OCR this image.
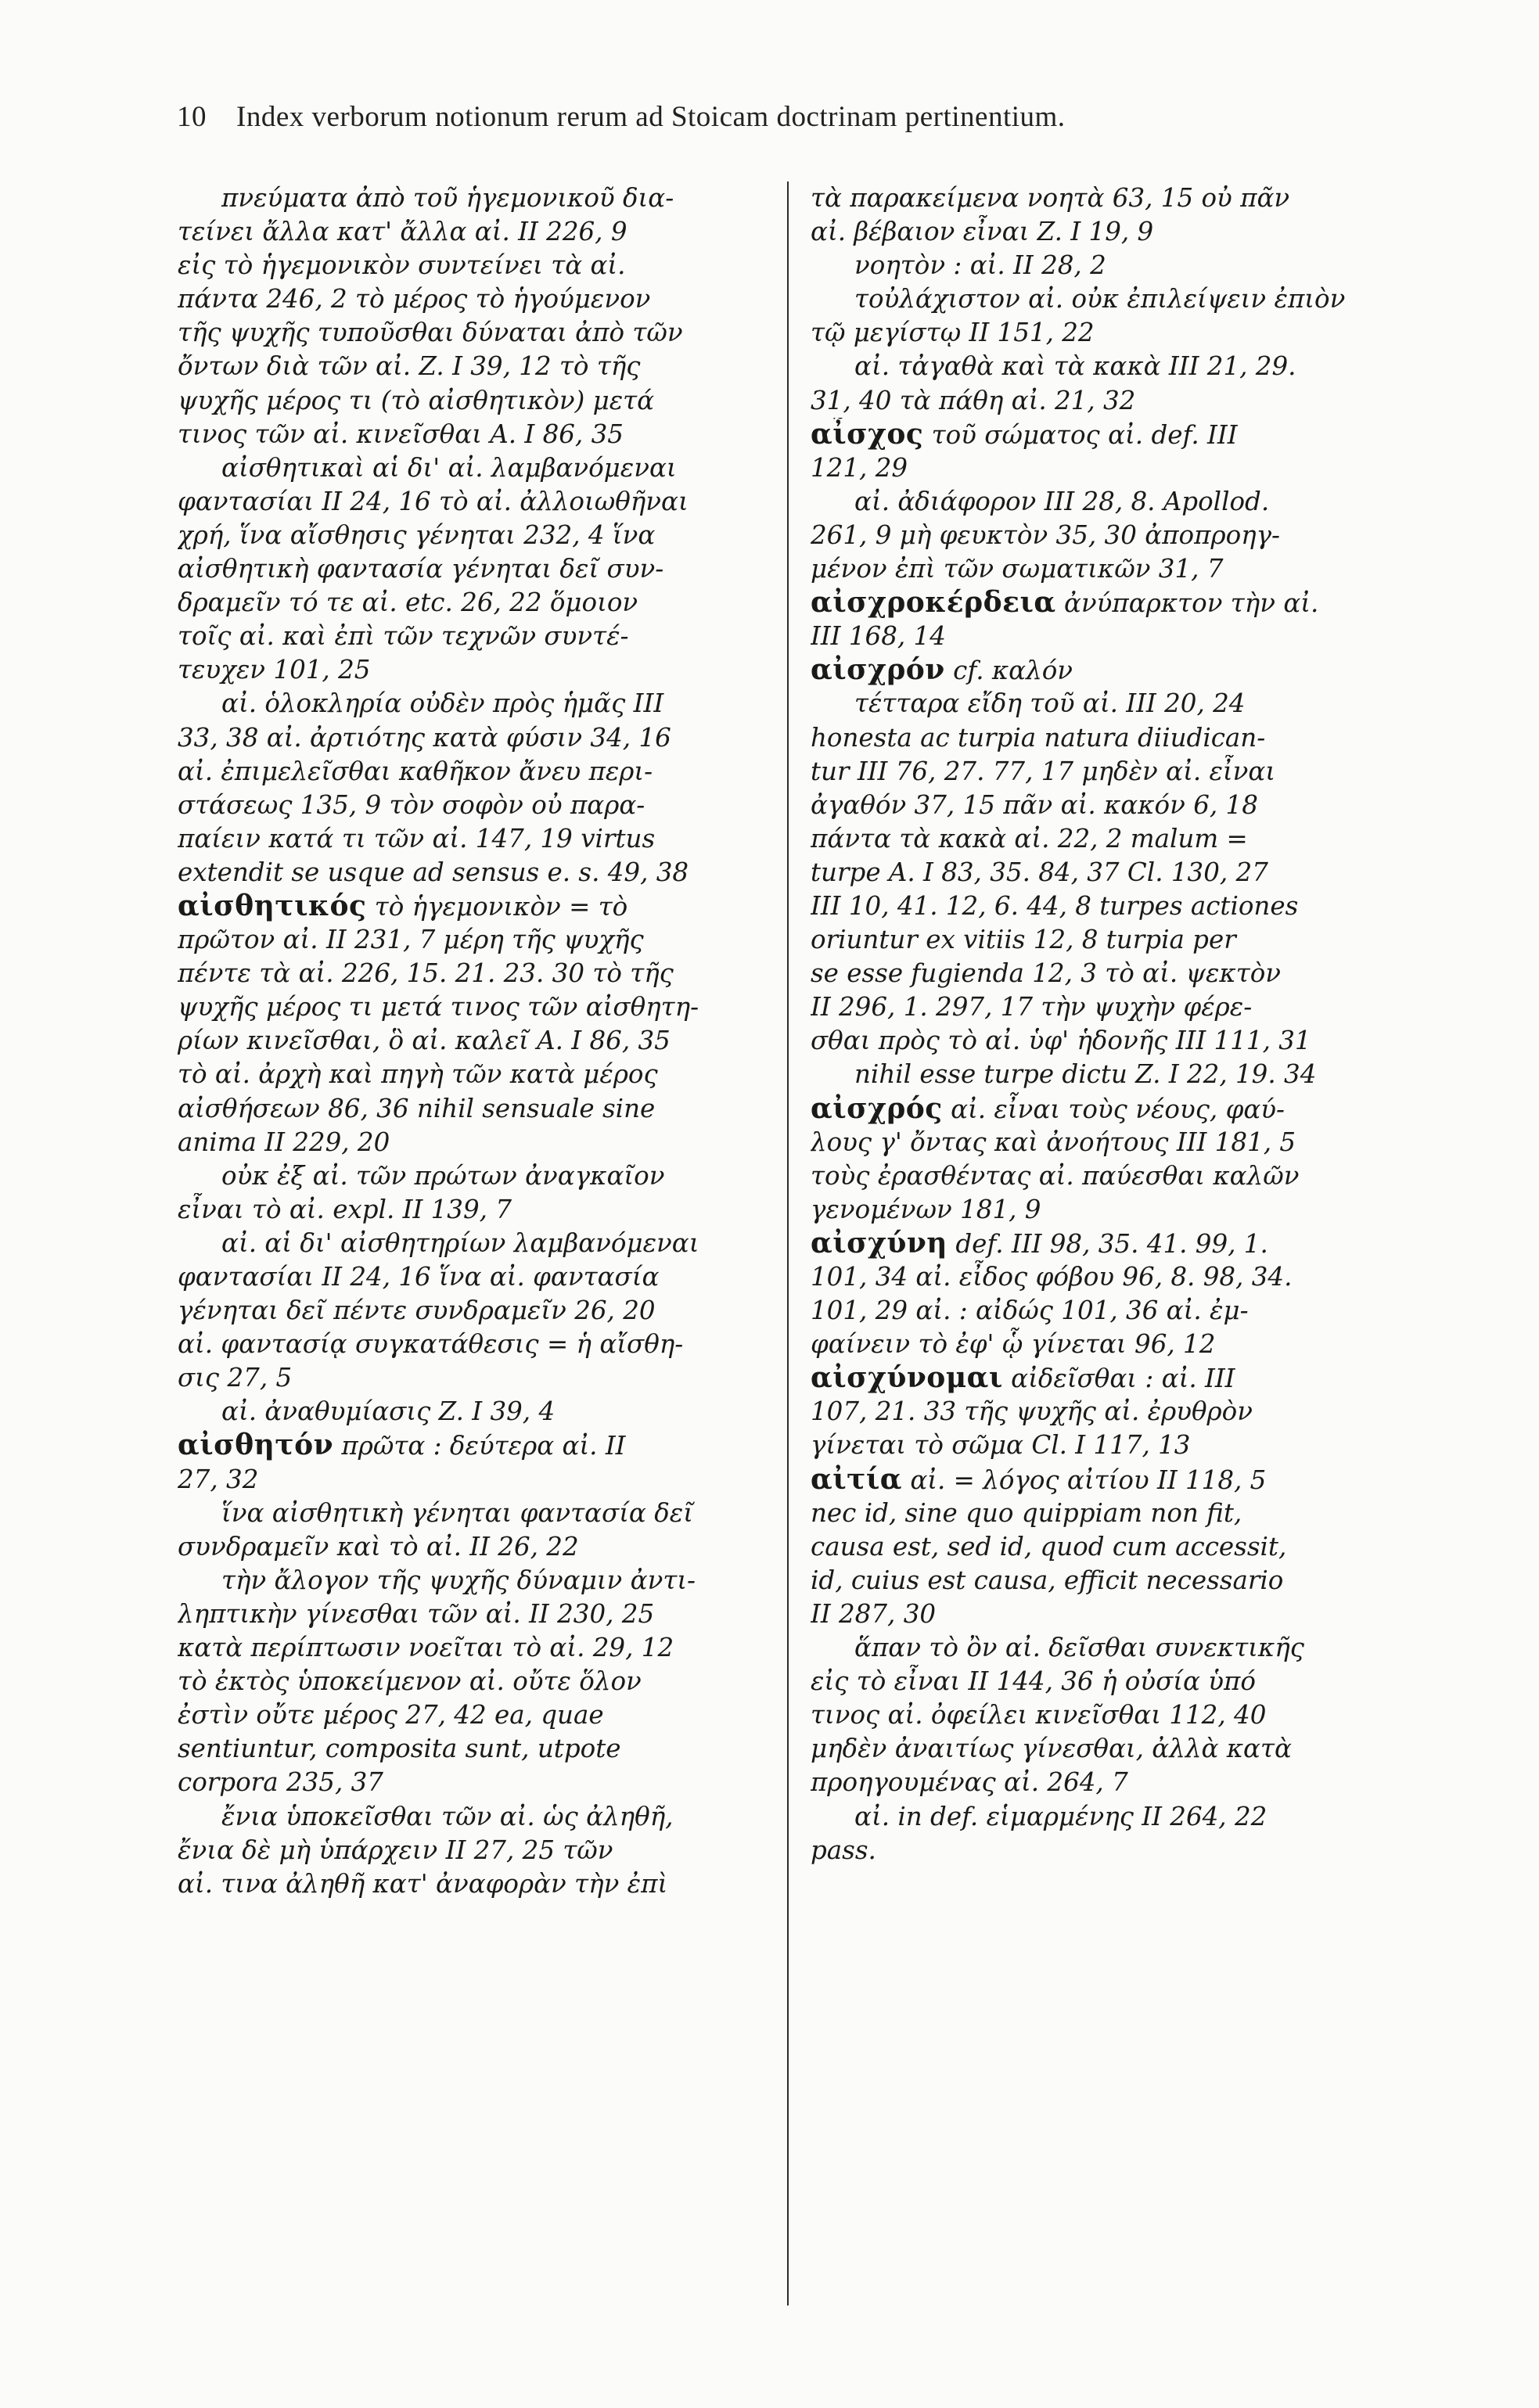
10 Index verborum notionum rerum ad Stoicam doctrinam pertinentium.
πνεύματα ἀπὸ τοῦ ἡγεμονικοῦ δια-
τείνει ἄλλα κατ' ἄλλα αἰ. II 226, 9
εἰς τὸ ἡγεμονικὸν συντείνει τὰ αἰ.
πάντα 246, 2 τὸ μέρος τὸ ἡγούμενον
τῆς ψυχῆς τυποῦσθαι δύναται ἀπὸ τῶν
ὄντων διὰ τῶν αἰ. Z. I 39, 12 τὸ τῆς
ψυχῆς μέρος τι (τὸ αἰσθητικὸν) μετά
τινος τῶν αἰ. κινεῖσθαι A. I 86, 35
αἰσθητικαὶ αἱ δι' αἰ. λαμβανόμεναι
φαντασίαι II 24, 16 τὸ αἰ. ἀλλοιωθῆναι
χρή, ἵνα αἴσθησις γένηται 232, 4 ἵνα
αἰσθητικὴ φαντασία γένηται δεῖ συν-
δραμεῖν τό τε αἰ. etc. 26, 22 ὅμοιον
τοῖς αἰ. καὶ ἐπὶ τῶν τεχνῶν συντέ-
τευχεν 101, 25
αἰ. ὁλοκληρία οὐδὲν πρὸς ἡμᾶς III
33, 38 αἰ. ἀρτιότης κατὰ φύσιν 34, 16
αἰ. ἐπιμελεῖσθαι καθῆκον ἄνευ περι-
στάσεως 135, 9 τὸν σοφὸν οὐ παρα-
παίειν κατά τι τῶν αἰ. 147, 19 virtus
extendit se usque ad sensus e. s. 49, 38
αἰσθητικός τὸ ἡγεμονικὸν = τὸ
πρῶτον αἰ. II 231, 7 μέρη τῆς ψυχῆς
πέντε τὰ αἰ. 226, 15. 21. 23. 30 τὸ τῆς
ψυχῆς μέρος τι μετά τινος τῶν αἰσθητη-
ρίων κινεῖσθαι, ὃ αἰ. καλεῖ A. I 86, 35
τὸ αἰ. ἀρχὴ καὶ πηγὴ τῶν κατὰ μέρος
αἰσθήσεων 86, 36 nihil sensuale sine
anima II 229, 20
οὐκ ἐξ αἰ. τῶν πρώτων ἀναγκαῖον
εἶναι τὸ αἰ. expl. II 139, 7
αἰ. αἱ δι' αἰσθητηρίων λαμβανόμεναι
φαντασίαι II 24, 16 ἵνα αἰ. φαντασία
γένηται δεῖ πέντε συνδραμεῖν 26, 20
αἰ. φαντασίᾳ συγκατάθεσις = ἡ αἴσθη-
σις 27, 5
αἰ. ἀναθυμίασις Z. I 39, 4
αἰσθητόν πρῶτα : δεύτερα αἰ. II
27, 32
ἵνα αἰσθητικὴ γένηται φαντασία δεῖ
συνδραμεῖν καὶ τὸ αἰ. II 26, 22
τὴν ἄλογον τῆς ψυχῆς δύναμιν ἀντι-
ληπτικὴν γίνεσθαι τῶν αἰ. II 230, 25
κατὰ περίπτωσιν νοεῖται τὸ αἰ. 29, 12
τὸ ἐκτὸς ὑποκείμενον αἰ. οὔτε ὅλον
ἐστὶν οὔτε μέρος 27, 42 ea, quae
sentiuntur, composita sunt, utpote
corpora 235, 37
ἔνια ὑποκεῖσθαι τῶν αἰ. ὡς ἀληθῆ,
ἔνια δὲ μὴ ὑπάρχειν II 27, 25 τῶν
αἰ. τινα ἀληθῆ κατ' ἀναφορὰν τὴν ἐπὶ
τὰ παρακείμενα νοητὰ 63, 15 οὐ πᾶν
αἰ. βέβαιον εἶναι Z. I 19, 9
νοητὸν : αἰ. II 28, 2
τοὐλάχιστον αἰ. οὐκ ἐπιλείψειν ἐπιὸν
τῷ μεγίστῳ II 151, 22
αἰ. τἀγαθὰ καὶ τὰ κακὰ III 21, 29.
31, 40 τὰ πάθη αἰ. 21, 32
αἶσχος τοῦ σώματος αἰ. def. III
121, 29
αἰ. ἀδιάφορον III 28, 8. Apollod.
261, 9 μὴ φευκτὸν 35, 30 ἀποπροηγ-
μένον ἐπὶ τῶν σωματικῶν 31, 7
αἰσχροκέρδεια ἀνύπαρκτον τὴν αἰ.
III 168, 14
αἰσχρόν cf. καλόν
τέτταρα εἴδη τοῦ αἰ. III 20, 24
honesta ac turpia natura diiudican-
tur III 76, 27. 77, 17 μηδὲν αἰ. εἶναι
ἀγαθόν 37, 15 πᾶν αἰ. κακόν 6, 18
πάντα τὰ κακὰ αἰ. 22, 2 malum =
turpe A. I 83, 35. 84, 37 Cl. 130, 27
III 10, 41. 12, 6. 44, 8 turpes actiones
oriuntur ex vitiis 12, 8 turpia per
se esse fugienda 12, 3 τὸ αἰ. ψεκτὸν
II 296, 1. 297, 17 τὴν ψυχὴν φέρε-
σθαι πρὸς τὸ αἰ. ὑφ' ἡδονῆς III 111, 31
nihil esse turpe dictu Z. I 22, 19. 34
αἰσχρός αἰ. εἶναι τοὺς νέους, φαύ-
λους γ' ὄντας καὶ ἀνοήτους III 181, 5
τοὺς ἐρασθέντας αἰ. παύεσθαι καλῶν
γενομένων 181, 9
αἰσχύνη def. III 98, 35. 41. 99, 1.
101, 34 αἰ. εἶδος φόβου 96, 8. 98, 34.
101, 29 αἰ. : αἰδώς 101, 36 αἰ. ἐμ-
φαίνειν τὸ ἐφ' ᾧ γίνεται 96, 12
αἰσχύνομαι αἰδεῖσθαι : αἰ. III
107, 21. 33 τῆς ψυχῆς αἰ. ἐρυθρὸν
γίνεται τὸ σῶμα Cl. I 117, 13
αἰτία αἰ. = λόγος αἰτίου II 118, 5
nec id, sine quo quippiam non fit,
causa est, sed id, quod cum accessit,
id, cuius est causa, efficit necessario
II 287, 30
ἅπαν τὸ ὂν αἰ. δεῖσθαι συνεκτικῆς
εἰς τὸ εἶναι II 144, 36 ἡ οὐσία ὑπό
τινος αἰ. ὀφείλει κινεῖσθαι 112, 40
μηδὲν ἀναιτίως γίνεσθαι, ἀλλὰ κατὰ
προηγουμένας αἰ. 264, 7
αἰ. in def. εἱμαρμένης II 264, 22
pass.
